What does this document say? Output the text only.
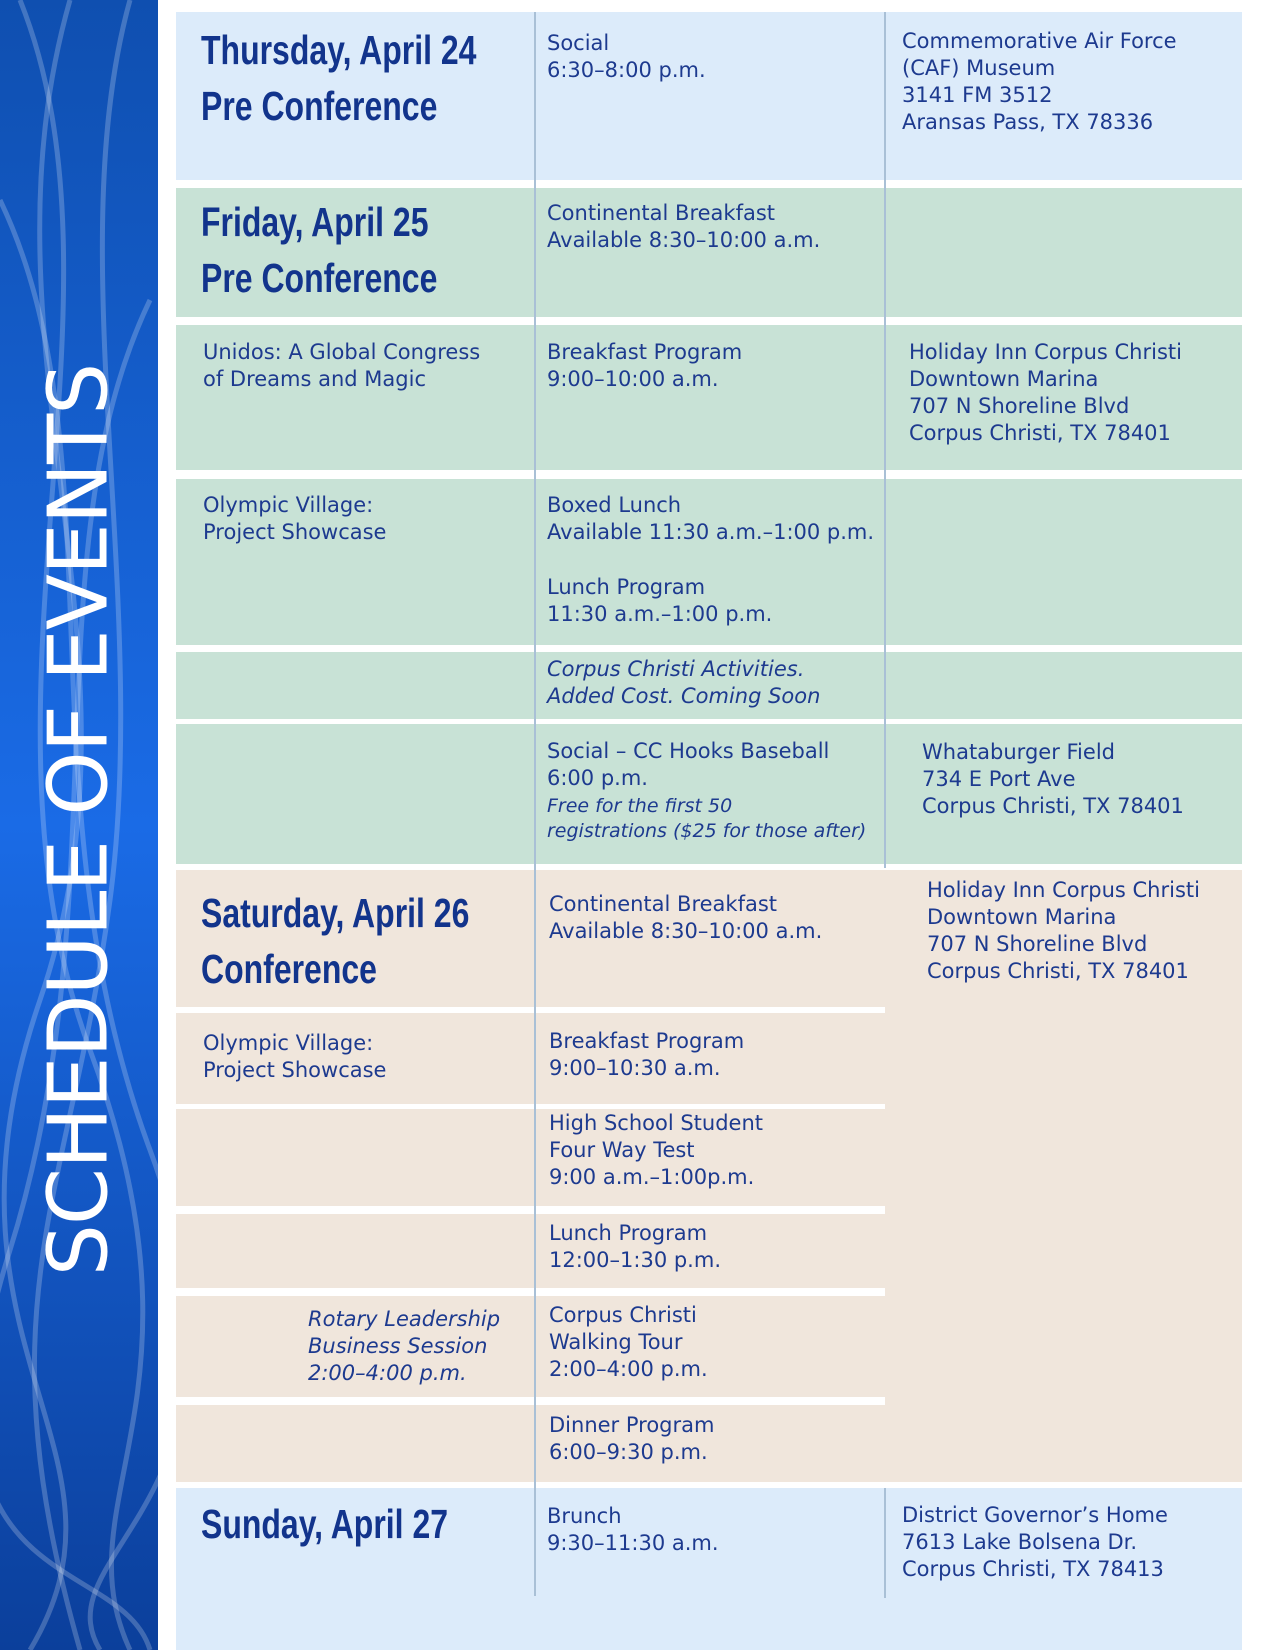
SCHEDULE OF EVENTS
Thursday, April 24
Pre Conference
Social
6:30–8:00 p.m.
Commemorative Air Force
(CAF) Museum
3141 FM 3512
Aransas Pass, TX 78336
Friday, April 25
Pre Conference
Continental Breakfast
Available 8:30–10:00 a.m.
Unidos: A Global Congress
of Dreams and Magic
Breakfast Program
9:00–10:00 a.m.
Holiday Inn Corpus Christi
Downtown Marina
707 N Shoreline Blvd
Corpus Christi, TX 78401
Olympic Village:
Project Showcase
Boxed Lunch
Available 11:30 a.m.–1:00 p.m.
Lunch Program
11:30 a.m.–1:00 p.m.
Corpus Christi Activities.
Added Cost. Coming Soon
Social – CC Hooks Baseball
6:00 p.m.
Free for the first 50
registrations ($25 for those after)
Whataburger Field
734 E Port Ave
Corpus Christi, TX 78401
Saturday, April 26
Conference
Continental Breakfast
Available 8:30–10:00 a.m.
Holiday Inn Corpus Christi
Downtown Marina
707 N Shoreline Blvd
Corpus Christi, TX 78401
Olympic Village:
Project Showcase
Breakfast Program
9:00–10:30 a.m.
High School Student
Four Way Test
9:00 a.m.–1:00p.m.
Lunch Program
12:00–1:30 p.m.
Rotary Leadership
Business Session
2:00–4:00 p.m.
Corpus Christi
Walking Tour
2:00–4:00 p.m.
Dinner Program
6:00–9:30 p.m.
Sunday, April 27	Brunch
9:30–11:30 a.m.
District Governor’s Home
7613 Lake Bolsena Dr.
Corpus Christi, TX 78413
